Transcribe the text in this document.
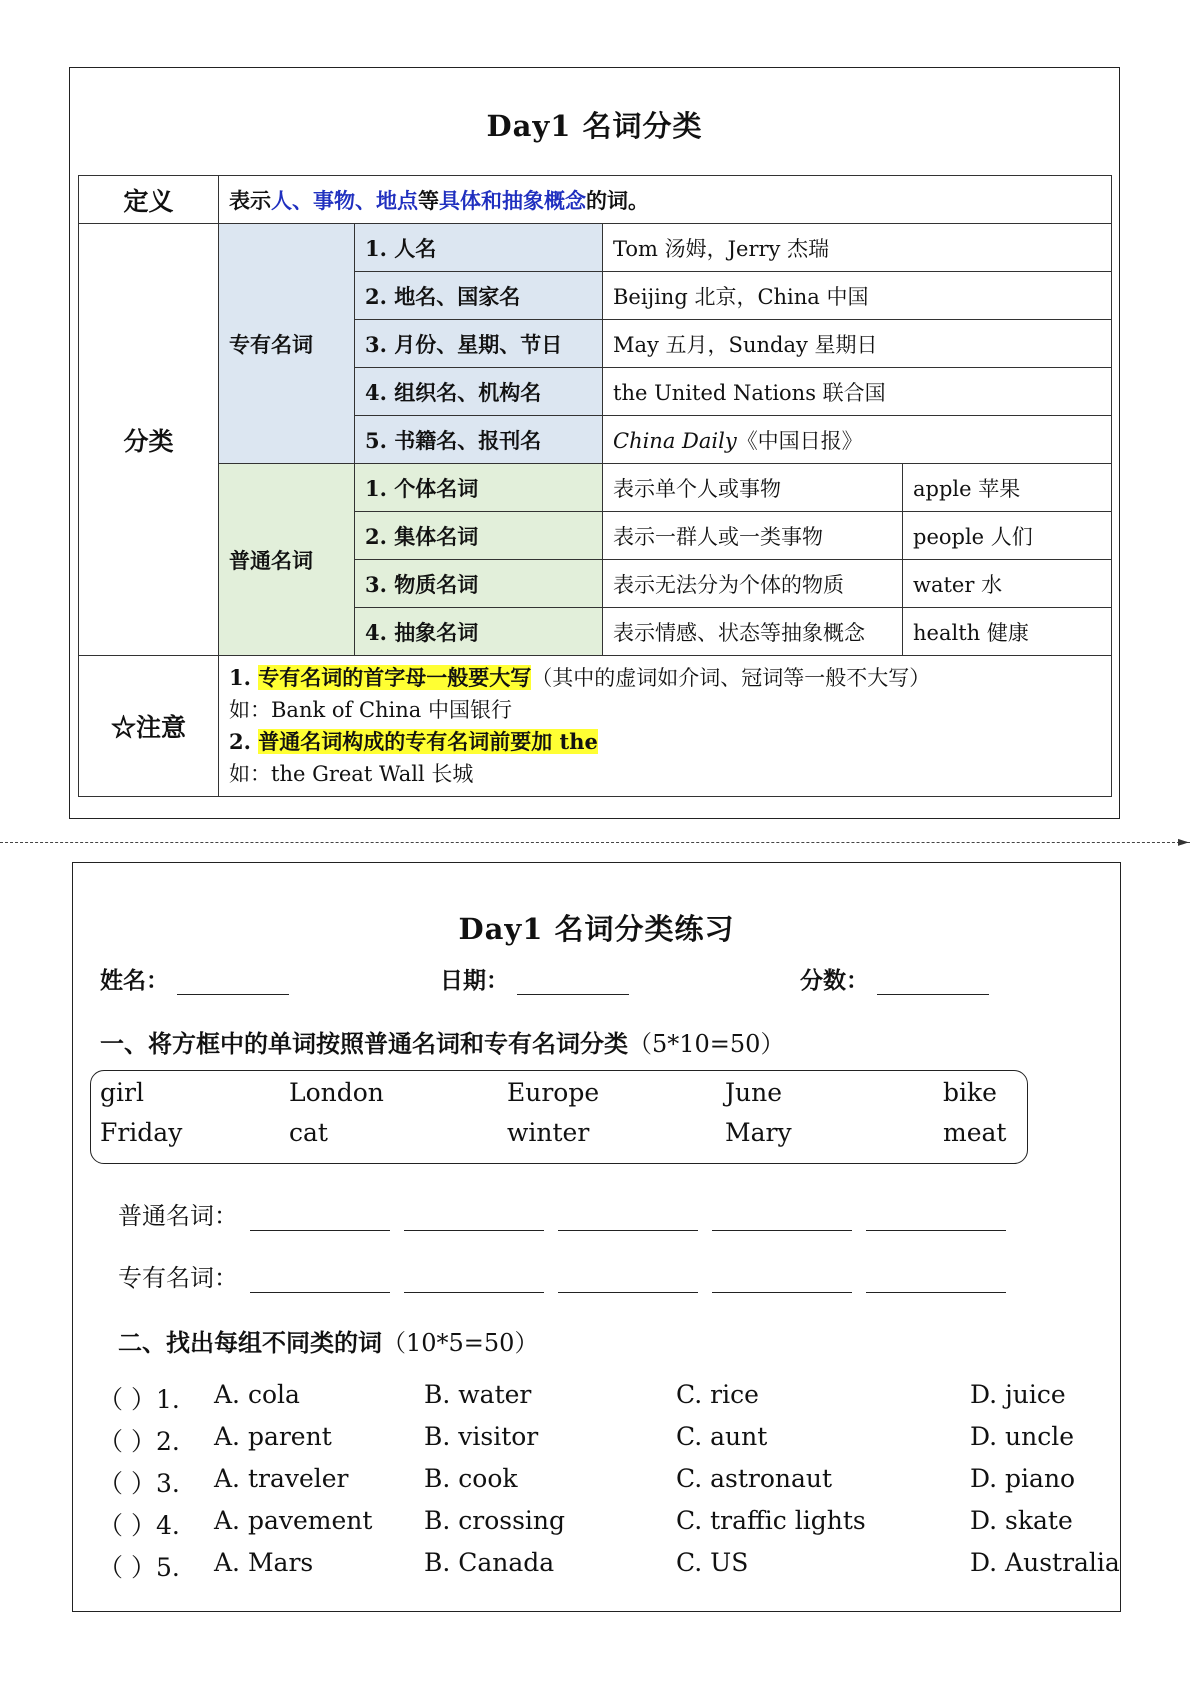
Day1 名词分类
定义	表示人、事物、地点等具体和抽象概念的词。			
分类	专有名词	1. 人名	Tom 汤姆，Jerry 杰瑞	
		2. 地名、国家名	Beijing 北京，China 中国	
		3. 月份、星期、节日	May 五月，Sunday 星期日	
		4. 组织名、机构名	the United Nations 联合国	
		5. 书籍名、报刊名	China Daily《中国日报》	
	普通名词	1. 个体名词	表示单个人或事物	apple 苹果
		2. 集体名词	表示一群人或一类事物	people 人们
		3. 物质名词	表示无法分为个体的物质	water 水
		4. 抽象名词	表示情感、状态等抽象概念	health 健康
☆注意	1. 专有名词的首字母一般要大写（其中的虚词如介词、冠词等一般不大写）
如：Bank of China 中国银行
2. 普通名词构成的专有名词前要加 the
如：the Great Wall 长城			
►
Day1 名词分类练习
姓名：	日期：	分数：
一、将方框中的单词按照普通名词和专有名词分类（5*10=50）
girl	London	Europe	June	bike
Friday	cat	winter	Mary	meat
普通名词：
专有名词：
二、找出每组不同类的词（10*5=50）
（ ）1. A. cola	B. water	C. rice	D. juice
（ ）2. A. parent	B. visitor	C. aunt	D. uncle
（ ）3. A. traveler	B. cook	C. astronaut	D. piano
（ ）4. A. pavement B. crossing	C. traffic lights	D. skate
（ ）5. A. Mars	B. Canada	C. US	D. Australia
